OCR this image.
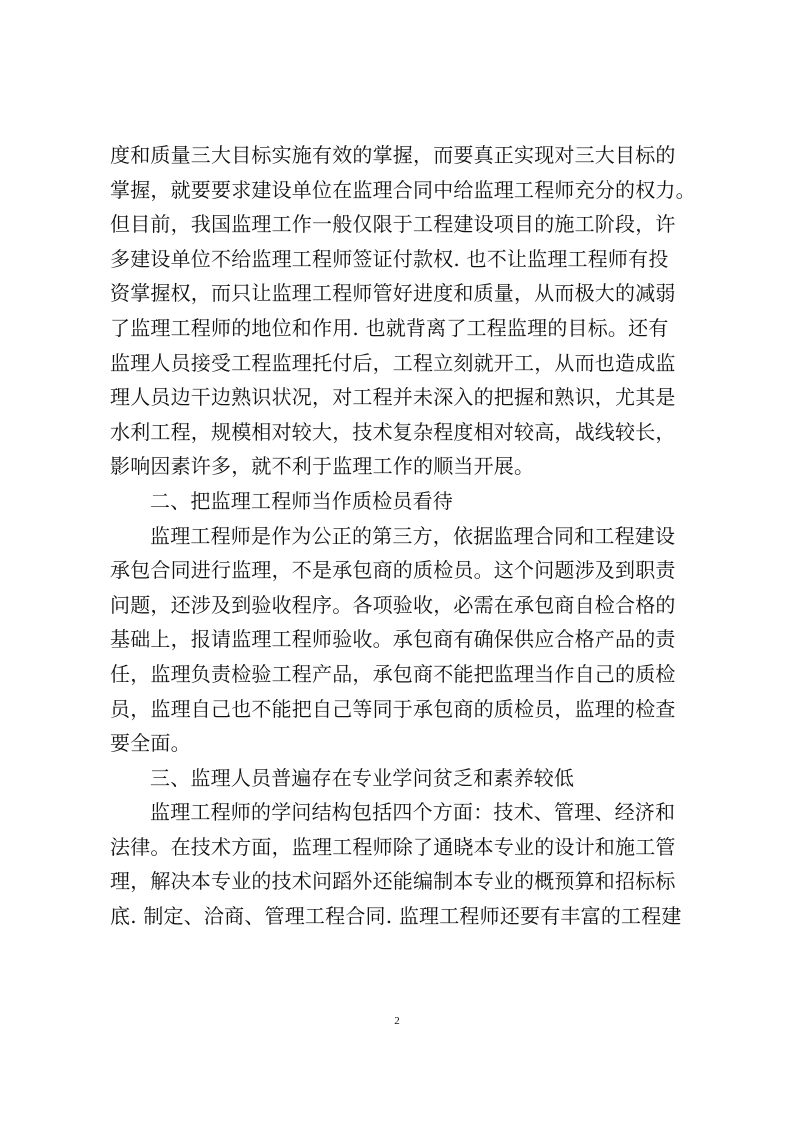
度和质量三大目标实施有效的掌握，而要真正实现对三大目标的
掌握，就要要求建设单位在监理合同中给监理工程师充分的权力。
但目前，我国监理工作一般仅限于工程建设项目的施工阶段，许
多建设单位不给监理工程师签证付款权. 也不让监理工程师有投
资掌握权，而只让监理工程师管好进度和质量，从而极大的减弱
了监理工程师的地位和作用. 也就背离了工程监理的目标。还有
监理人员接受工程监理托付后，工程立刻就开工，从而也造成监
理人员边干边熟识状况，对工程并未深入的把握和熟识，尤其是
水利工程，规模相对较大，技术复杂程度相对较高，战线较长，
影响因素许多，就不利于监理工作的顺当开展。
二、把监理工程师当作质检员看待
监理工程师是作为公正的第三方，依据监理合同和工程建设
承包合同进行监理，不是承包商的质检员。这个问题涉及到职责
问题，还涉及到验收程序。各项验收，必需在承包商自检合格的
基础上，报请监理工程师验收。承包商有确保供应合格产品的责
任，监理负责检验工程产品，承包商不能把监理当作自己的质检
员，监理自己也不能把自己等同于承包商的质检员，监理的检查
要全面。
三、监理人员普遍存在专业学问贫乏和素养较低
监理工程师的学问结构包括四个方面：技术、管理、经济和
法律。在技术方面，监理工程师除了通晓本专业的设计和施工管
理，解决本专业的技术问蹈外还能编制本专业的概预算和招标标
底. 制定、洽商、管理工程合同. 监理工程师还要有丰富的工程建
2
